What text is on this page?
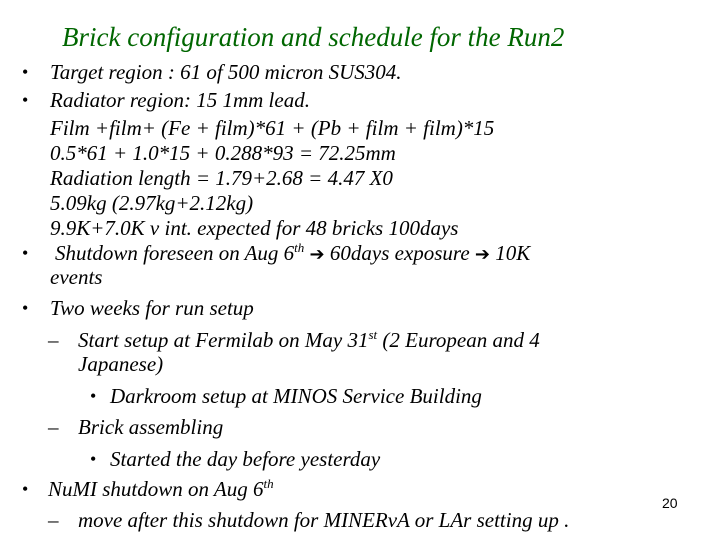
Brick configuration and schedule for the Run2
• Target region : 61 of 500 micron SUS304.
• Radiator region: 15 1mm lead.
Film +film+ (Fe + film)*61 + (Pb + film + film)*15
0.5*61 + 1.0*15 + 0.288*93 = 72.25mm
Radiation length = 1.79+2.68 = 4.47 X0
5.09kg (2.97kg+2.12kg)
9.9K+7.0K ν int. expected for 48 bricks 100days
• Shutdown foreseen on Aug 6th ➔ 60days exposure ➔ 10K
events
• Two weeks for run setup
– Start setup at Fermilab on May 31st (2 European and 4
Japanese)
• Darkroom setup at MINOS Service Building
– Brick assembling
• Started the day before yesterday
• NuMI shutdown on Aug 6th
– move after this shutdown for MINERvA or LAr setting up .
20
